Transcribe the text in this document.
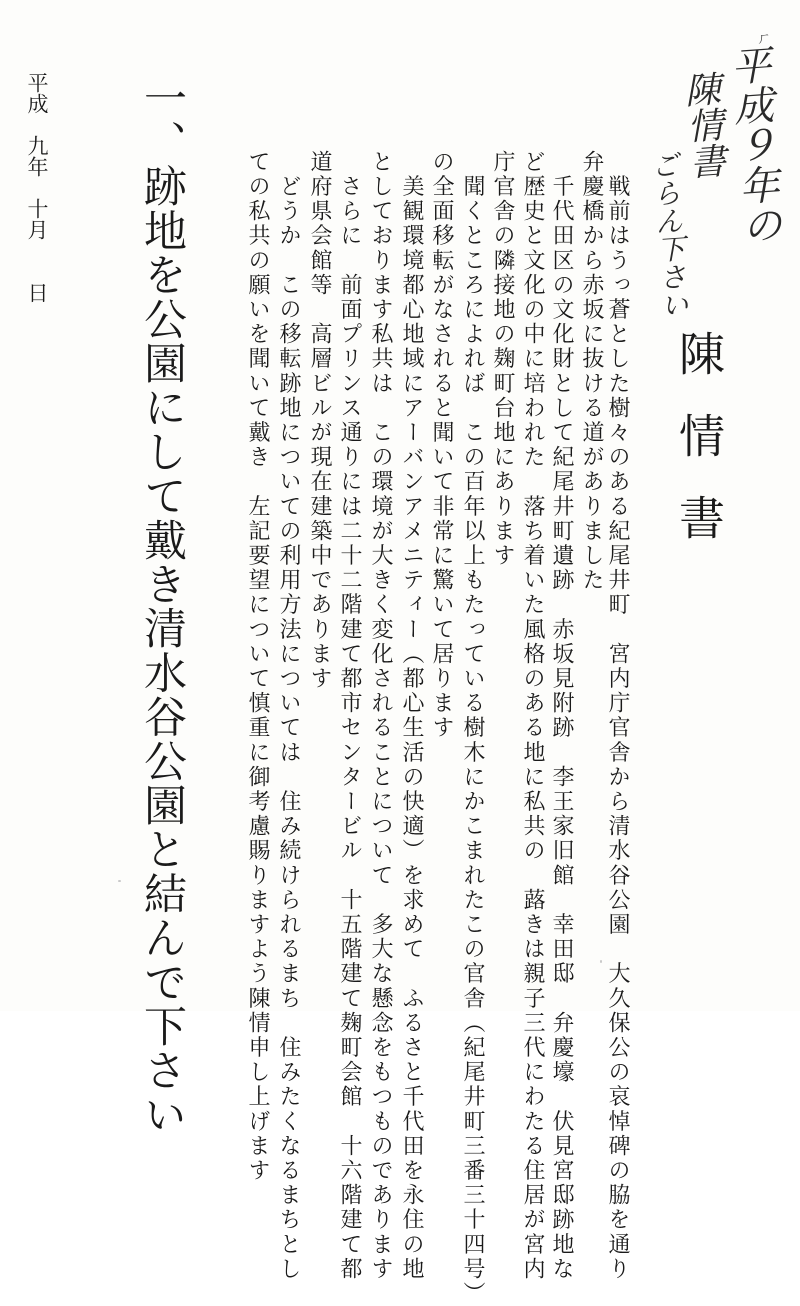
ㄏ
平成９年の
陳情書
ごらん下さい
陳情書
　戦前はうっ蒼とした樹々のある紀尾井町　宮内庁官舎から清水谷公園　大久保公の哀悼碑の脇を通り
弁慶橋から赤坂に抜ける道がありました
　千代田区の文化財として紀尾井町遺跡　赤坂見附跡　李王家旧館　幸田邸　弁慶壕　伏見宮邸跡地な
ど歴史と文化の中に培われた　落ち着いた風格のある地に私共の　蕗きは親子三代にわたる住居が宮内
庁官舎の隣接地の麹町台地にあります
　聞くところによれば　この百年以上もたっている樹木にかこまれたこの官舎（紀尾井町三番三十四号）
の全面移転がなされると聞いて非常に驚いて居ります
　美観環境都心地域にアーバンアメニティー（都心生活の快適）を求めて　ふるさと千代田を永住の地
としております私共は　この環境が大きく変化されることについて　多大な懸念をもつものであります
　さらに　前面プリンス通りには二十二階建て都市センタービル　十五階建て麹町会館　十六階建て都
道府県会館等　高層ビルが現在建築中であります
　どうか　この移転跡地についての利用方法については　住み続けられるまち　住みたくなるまちとし
ての私共の願いを聞いて戴き　左記要望について慎重に御考慮賜りますよう陳情申し上げます
一、跡地を公園にして戴き清水谷公園と結んで下さい
平成　九年　十月　　日
